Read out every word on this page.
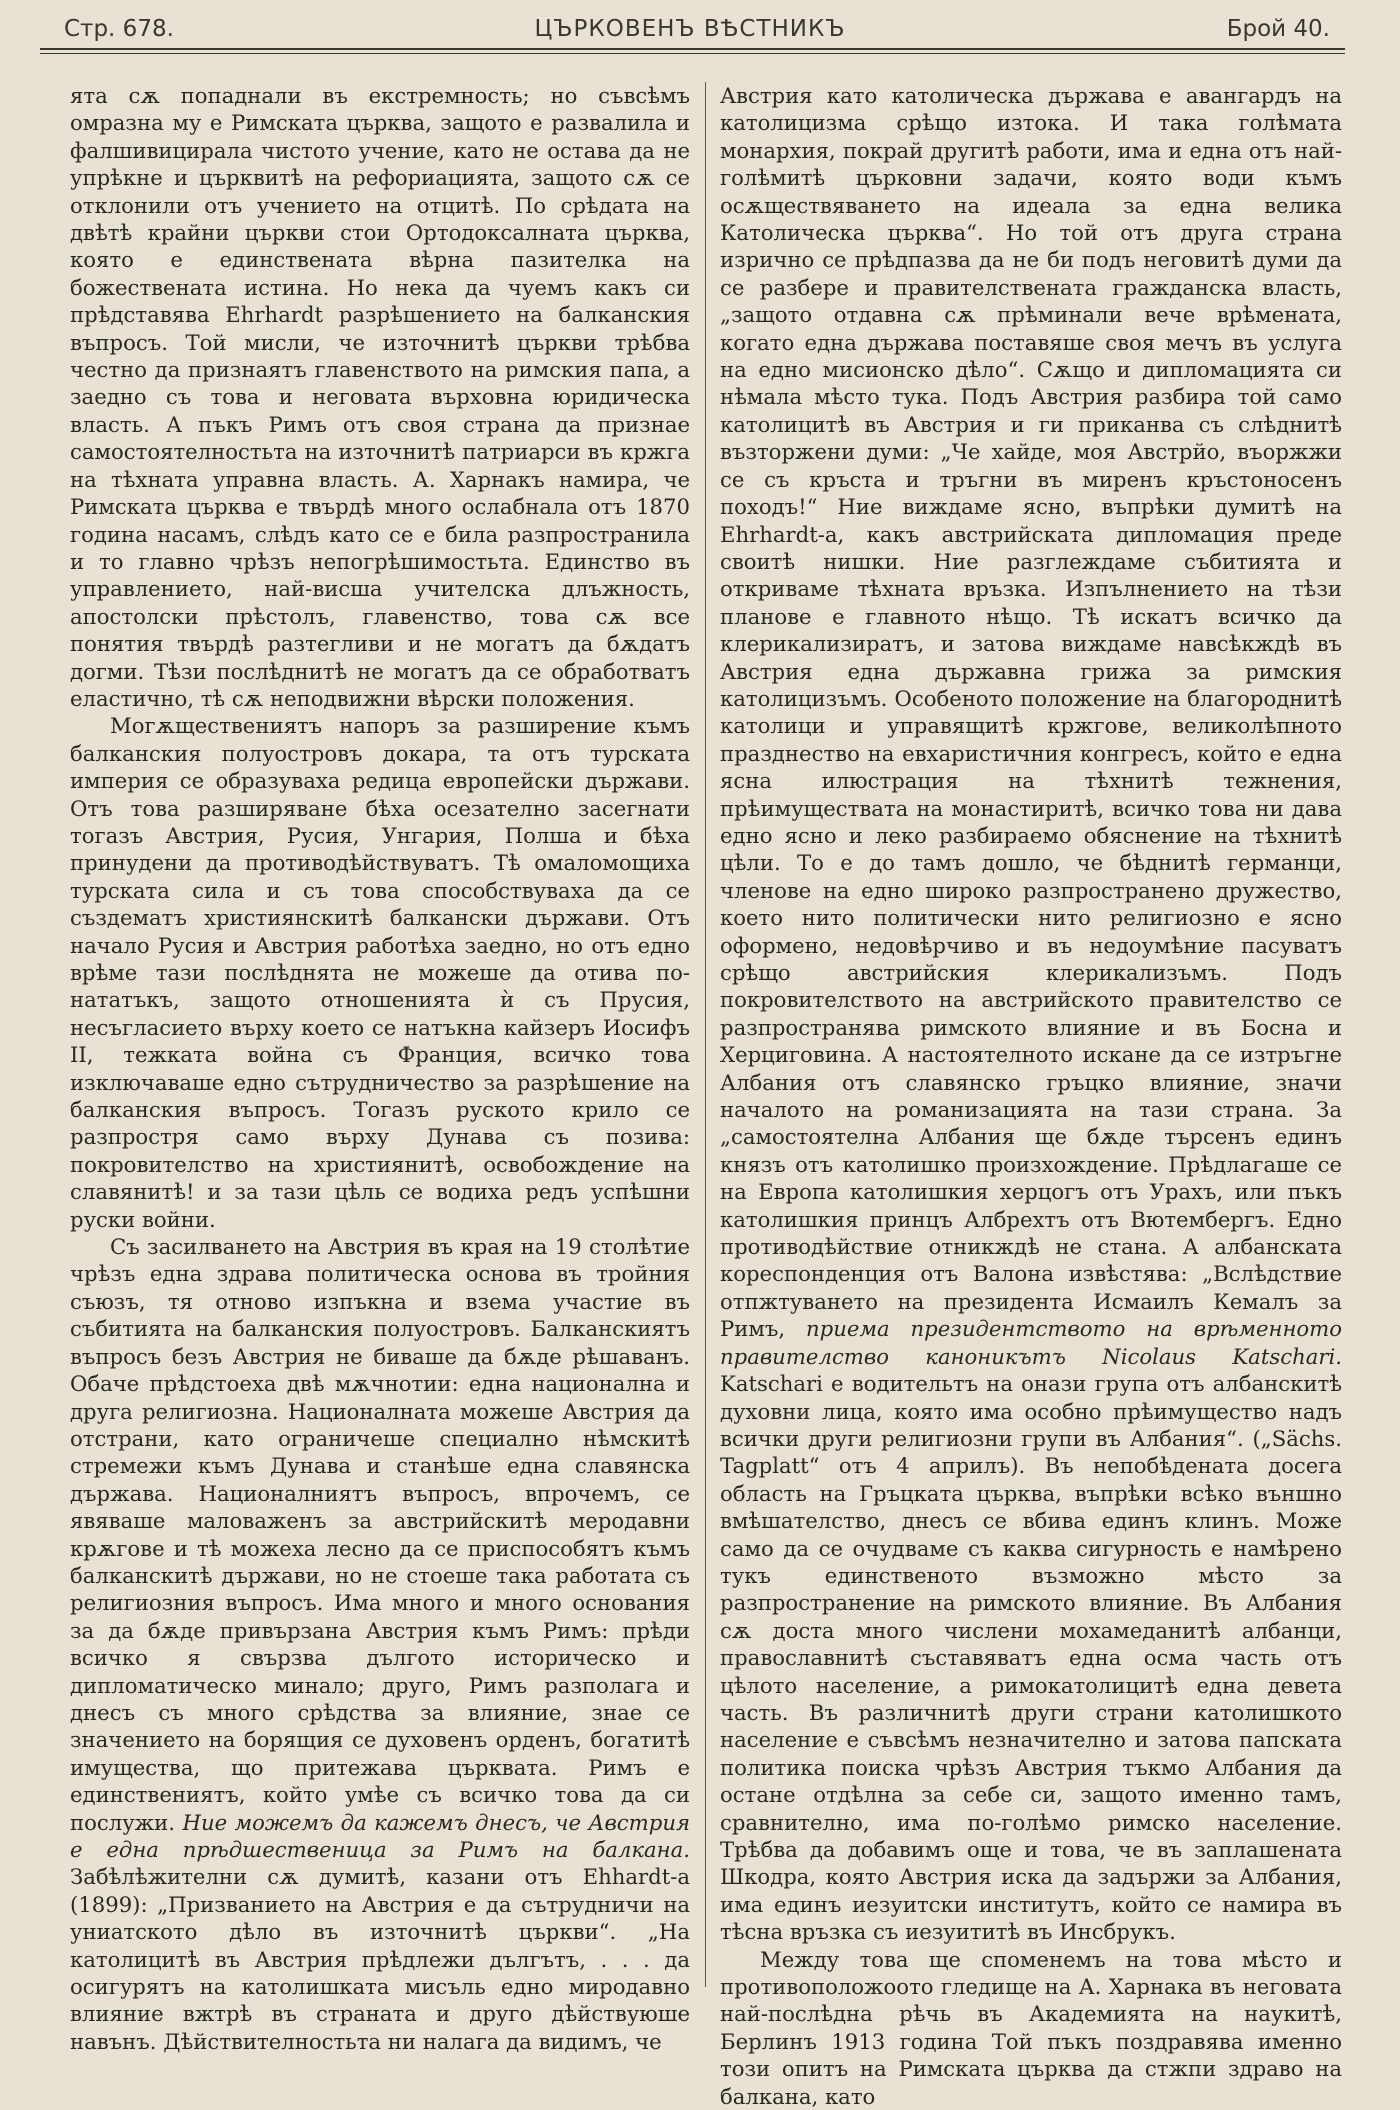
Стр. 678.	ЦЪРКОВЕНЪ ВѢСТНИКЪ	Брой 40.

ята сѫ попаднали въ екстремность; но съвсѣмъ омразна му е Римската църква, защото е развалила и фалшивицирала чистото учение, като не остава да не упрѣкне и църквитѣ на рефориацията, защото сѫ се отклонили отъ учението на отцитѣ. По срѣдата на двѣтѣ крайни църкви стои Ортодоксалната църква, която е единствената вѣрна пазителка на божествената истина. Но нека да чуемъ какъ си прѣдставява Ehrhardt разрѣшението на балканския въпросъ. Той мисли, че източнитѣ църкви трѣбва честно да признаятъ главенството на римския папа, а заедно съ това и неговата върховна юридическа власть. А пъкъ Римъ отъ своя страна да признае самостоятелностьта на източнитѣ патриарси въ кржга на тѣхната управна власть. А. Харнакъ намира, че Римската църква е твърдѣ много ослабнала отъ 1870 година насамъ, слѣдъ като се е била разпространила и то главно чрѣзъ непогрѣшимостьта. Единство въ управлението, най-висша учителска длъжность, апостолски прѣстолъ, главенство, това сѫ все понятия твърдѣ разтегливи и не могатъ да бѫдатъ догми. Тѣзи послѣднитѣ не могатъ да се обработватъ еластично, тѣ сѫ неподвижни вѣрски положения.

Могѫществениятъ напоръ за разширение къмъ балканския полуостровъ докара, та отъ турската империя се образуваха редица европейски държави. Отъ това разширяване бѣха осезателно засегнати тогазъ Австрия, Русия, Унгария, Полша и бѣха принудени да противодѣйствуватъ. Тѣ омаломощиха турската сила и съ това способствуваха да се създематъ християнскитѣ балкански държави. Отъ начало Русия и Австрия работѣха заедно, но отъ едно врѣме тази послѣднята не можеше да отива по-нататъкъ, защото отношенията ѝ съ Прусия, несъгласието върху което се натъкна кайзеръ Иосифъ II, тежката война съ Франция, всичко това изключаваше едно сътрудничество за разрѣшение на балканския въпросъ. Тогазъ рускoто крило се разпростря само върху Дунава съ позива: покровителство на християнитѣ, освобождение на славянитѣ! и за тази цѣль се водиха редъ успѣшни руски войни.

Съ засилването на Австрия въ края на 19 столѣтие чрѣзъ една здрава политическа основа въ тройния съюзъ, тя отново изпъкна и взема участие въ събитията на балканския полуостровъ. Балканскиятъ въпросъ безъ Австрия не биваше да бѫде рѣшаванъ. Обаче прѣдстоеха двѣ мѫчнотии: една национална и друга религиозна. Националната можеше Австрия да отстрани, като ограничеше специално нѣмскитѣ стремежи къмъ Дунава и станѣше една славянска държава. Националниятъ въпросъ, впрочемъ, се явяваше маловаженъ за австрийскитѣ меродавни крѫгове и тѣ можеха лесно да се приспособятъ къмъ балканскитѣ държави, но не стоеше така работата съ религиозния въпросъ. Има много и много основания за да бѫде привързана Австрия къмъ Римъ: прѣди всичко я свързва дългото историческо и дипломатическо минало; друго, Римъ разполага и днесъ съ много срѣдства за влияние, знае се значението на борящия се духовенъ орденъ, богатитѣ имущества, що притежава църквата. Римъ е единствениятъ, който умѣе съ всичко това да си послужи. Ние можемъ да кажемъ днесъ, че Австрия е една прѣдшественица за Римъ на балкана. Забѣлѣжителни сѫ думитѣ, казани отъ Ehhardt-а (1899): „Призванието на Австрия е да сътрудничи на униатското дѣло въ източнитѣ църкви“. „На католицитѣ въ Австрия прѣдлежи дългътъ, . . . да осигурятъ на католишката мисъль едно миродавно влияние вжтрѣ въ страната и друго дѣйствуюше навънъ. Дѣйствителностьта ни налага да видимъ, че

Австрия като католическа държава е авангардъ на католицизма срѣщо изтока. И така голѣмата монархия, покрай другитѣ работи, има и една отъ най-голѣмитѣ църковни задачи, която води къмъ осѫществяването на идеала за една велика Католическа църква“. Но той отъ друга страна изрично се прѣдпазва да не би подъ неговитѣ думи да се разбере и правителствената гражданска власть, „защото отдавна сѫ прѣминали вече врѣмената, когато една държава постaвяше своя мечъ въ услуга на едно мисионско дѣло“. Сѫщо и дипломацията си нѣмала мѣсто тука. Подъ Австрия разбира той само католицитѣ въ Австрия и ги приканва съ слѣднитѣ възторжени думи: „Че хайде, моя Австрйо, въоржжи се съ кръста и тръгни въ миренъ кръстоносенъ походъ!“ Ние виждаме ясно, въпрѣки думитѣ на Ehrhardt-а, какъ австрийската дипломация преде своитѣ нишки. Ние разглеждаме събитията и откриваме тѣхната връзка. Изпълнението на тѣзи планове е главното нѣщо. Тѣ искатъ всичко да клерикализиратъ, и затова виждаме навсѣкждѣ въ Австрия една държавна грижа за римския католицизъмъ. Особеното положение на благороднитѣ католици и управящитѣ кржгове, великолѣпното празднество на евхаристичния конгресъ, който е една ясна илюстрация на тѣхнитѣ тежнения, прѣимуществата на монастиритѣ, всичко това ни дава едно ясно и леко разбираемо обяснение на тѣхнитѣ цѣли. То е до тамъ дошло, че бѣднитѣ германци, членове на едно широко разпространено дружество, което нито политически нито религиозно е ясно оформено, недовѣрчиво и въ недоумѣние пасуватъ срѣщо австрийския клерикализъмъ. Подъ покровителството на австрийското правителство се разпространява римското влияние и въ Босна и Херциговина. А настоятелното искане да се изтръгне Албания отъ славянско гръцко влияние, значи началото на романизацията на тази страна. За „самостоятелна Албания ще бѫде търсенъ единъ князъ отъ католишко произхождение. Прѣдлагаше се на Европа католишкия херцогъ отъ Урахъ, или пъкъ католишкия принцъ Албрехтъ отъ Вютембергъ. Едно противодѣйствие отникждѣ не стана. А албанската кореспонденция отъ Валона извѣстява: „Вслѣдствие отпжтуването на президента Исмаилъ Кемалъ за Римъ, приема президентството на врѣменното правителство каноникътъ Nicolaus Katschari. Katschari е водительтъ на онази група отъ албанскитѣ духовни лица, която има особно прѣимущество надъ всички други религиозни групи въ Албания“. („Sächs. Tagplatt“ отъ 4 априлъ). Въ непобѣдената досега область на Гръцката църква, въпрѣки всѣко външно вмѣшателство, днесъ се вбива единъ клинъ. Може само да се очудваме съ каква сигурность е намѣрено тукъ единственото възможно мѣсто за разпространение на римското влияние. Въ Албания сѫ доста много числени мохамеданитѣ албанци, православнитѣ съставяватъ една осма часть отъ цѣлото население, а римокатолицитѣ една девета часть. Въ различнитѣ други страни католишкото население е съвсѣмъ незначително и затова папската политика поиска чрѣзъ Австрия тъкмо Албания да остане отдѣлна за себе си, защото именно тамъ, сравнително, има по-голѣмо римско население. Трѣбва да добавимъ още и това, че въ заплашената Шкодра, която Австрия иска да задържи за Албания, има единъ иезуитски институтъ, който се намира въ тѣсна връзка съ иезуититѣ въ Инсбрукъ.

Между това ще споменемъ на това мѣсто и противоположоото гледище на А. Харнака въ неговата най-послѣдна рѣчь въ Академията на наукитѣ, Берлинъ 1913 година Той пъкъ поздравява именно този опитъ на Римската църква да стжпи здраво на балкана, като
